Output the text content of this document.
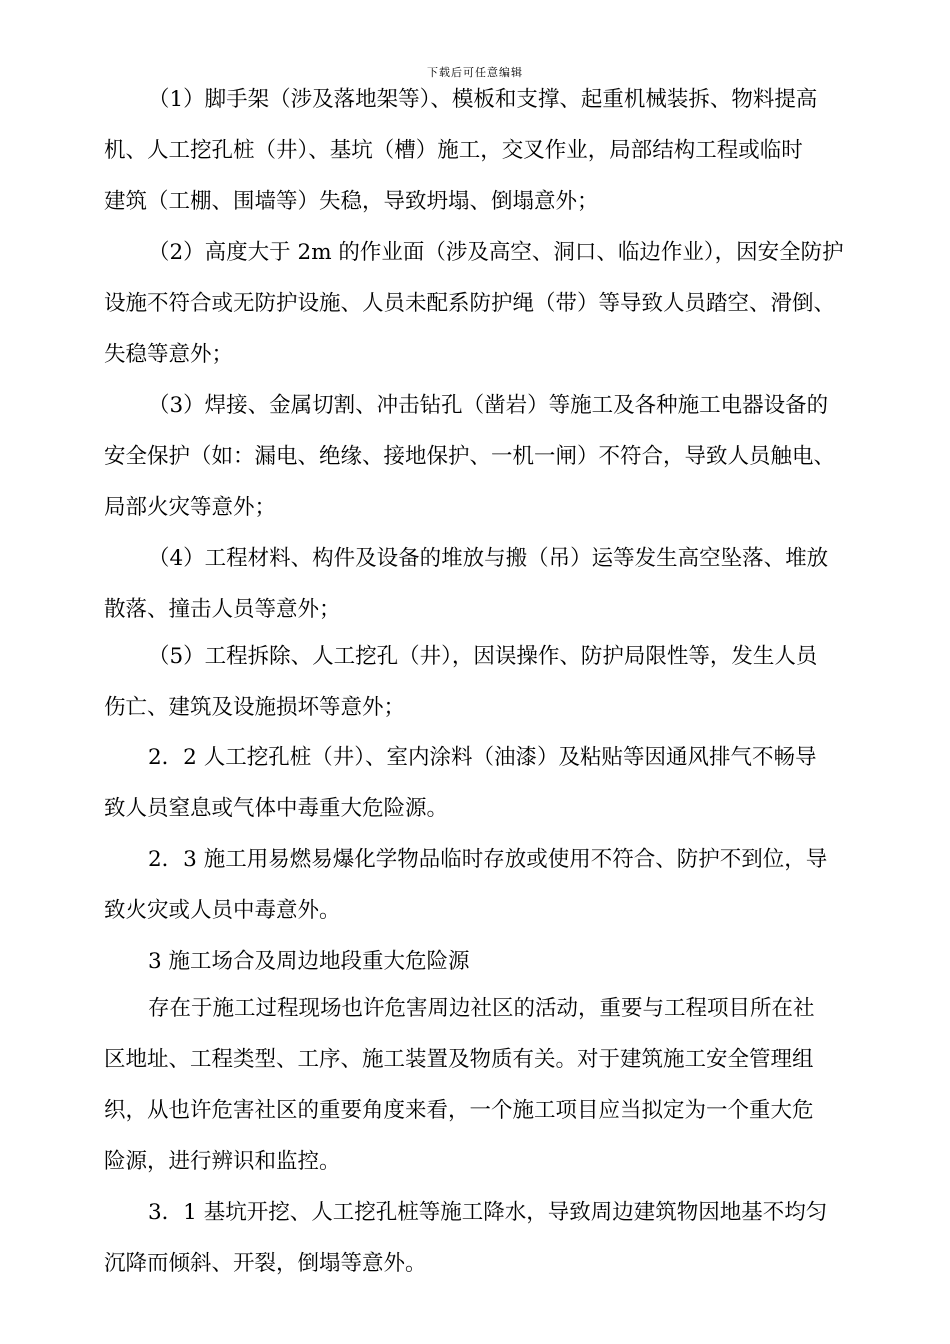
下载后可任意编辑
（1）脚手架（涉及落地架等）、模板和支撑、起重机械装拆、物料提高
机、人工挖孔桩（井）、基坑（槽）施工，交叉作业，局部结构工程或临时
建筑（工棚、围墙等）失稳，导致坍塌、倒塌意外；
（2）高度大于 2m 的作业面（涉及高空、洞口、临边作业），因安全防护
设施不符合或无防护设施、人员未配系防护绳（带）等导致人员踏空、滑倒、
失稳等意外；
（3）焊接、金属切割、冲击钻孔（凿岩）等施工及各种施工电器设备的
安全保护（如：漏电、绝缘、接地保护、一机一闸）不符合，导致人员触电、
局部火灾等意外；
（4）工程材料、构件及设备的堆放与搬（吊）运等发生高空坠落、堆放
散落、撞击人员等意外；
（5）工程拆除、人工挖孔（井），因误操作、防护局限性等，发生人员
伤亡、建筑及设施损坏等意外；
2．2 人工挖孔桩（井）、室内涂料（油漆）及粘贴等因通风排气不畅导
致人员窒息或气体中毒重大危险源。
2．3 施工用易燃易爆化学物品临时存放或使用不符合、防护不到位，导
致火灾或人员中毒意外。
3 施工场合及周边地段重大危险源
存在于施工过程现场也许危害周边社区的活动，重要与工程项目所在社
区地址、工程类型、工序、施工装置及物质有关。对于建筑施工安全管理组
织，从也许危害社区的重要角度来看，一个施工项目应当拟定为一个重大危
险源，进行辨识和监控。
3．1 基坑开挖、人工挖孔桩等施工降水，导致周边建筑物因地基不均匀
沉降而倾斜、开裂，倒塌等意外。
